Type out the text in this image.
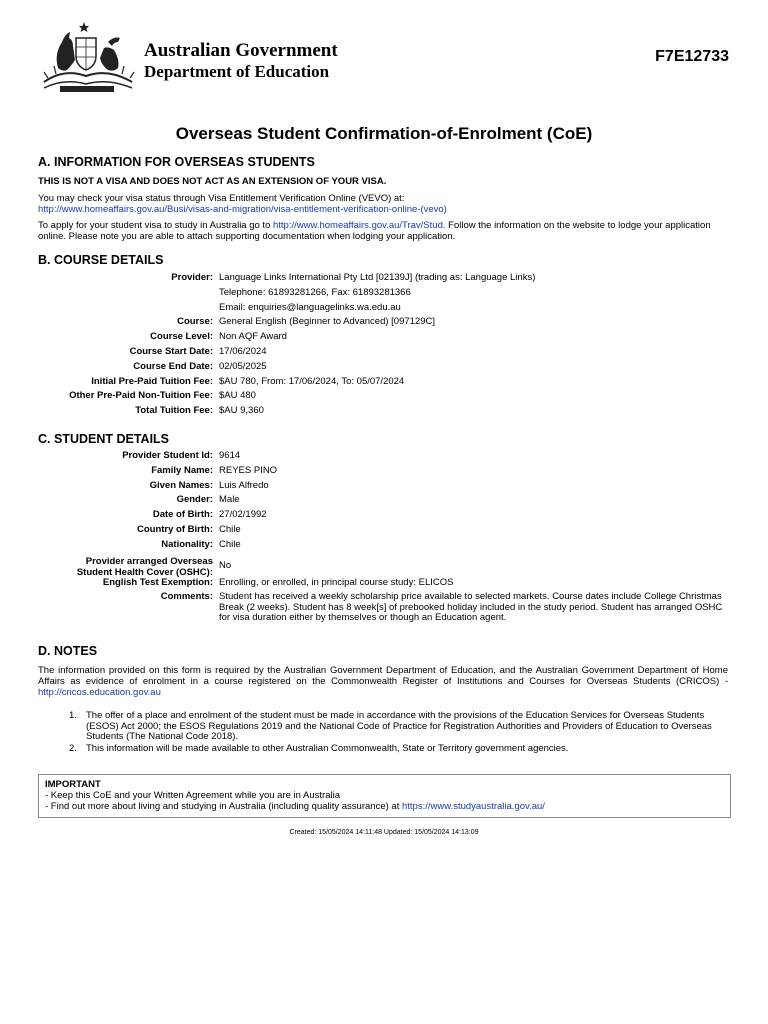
Australian Government
Department of Education
F7E12733
Overseas Student Confirmation-of-Enrolment (CoE)
A. INFORMATION FOR OVERSEAS STUDENTS
THIS IS NOT A VISA AND DOES NOT ACT AS AN EXTENSION OF YOUR VISA.
You may check your visa status through Visa Entitlement Verification Online (VEVO) at:
http://www.homeaffairs.gov.au/Busi/visas-and-migration/visa-entitlement-verification-online-(vevo)
To apply for your student visa to study in Australia go to http://www.homeaffairs.gov.au/Trav/Stud. Follow the information on the website to lodge your application online. Please note you are able to attach supporting documentation when lodging your application.
B. COURSE DETAILS
Provider: Language Links International Pty Ltd [02139J] (trading as: Language Links)
Telephone: 61893281266, Fax: 61893281366
Email: enquiries@languagelinks.wa.edu.au
Course: General English (Beginner to Advanced) [097129C]
Course Level: Non AQF Award
Course Start Date: 17/06/2024
Course End Date: 02/05/2025
Initial Pre-Paid Tuition Fee: $AU 780, From: 17/06/2024, To: 05/07/2024
Other Pre-Paid Non-Tuition Fee: $AU 480
Total Tuition Fee: $AU 9,360
C. STUDENT DETAILS
Provider Student Id: 9614
Family Name: REYES PINO
Given Names: Luis Alfredo
Gender: Male
Date of Birth: 27/02/1992
Country of Birth: Chile
Nationality: Chile
Provider arranged Overseas
Student Health Cover (OSHC):
No
English Test Exemption: Enrolling, or enrolled, in principal course study: ELICOS
Comments: Student has received a weekly scholarship price available to selected markets. Course dates include College Christmas Break (2 weeks). Student has 8 week[s] of prebooked holiday included in the study period. Student has arranged OSHC for visa duration either by themselves or though an Education agent.
D. NOTES
The information provided on this form is required by the Australian Government Department of Education, and the Australian Government Department of Home Affairs as evidence of enrolment in a course registered on the Commonwealth Register of Institutions and Courses for Overseas Students (CRICOS) - http://cricos.education.gov.au
1. The offer of a place and enrolment of the student must be made in accordance with the provisions of the Education Services for Overseas Students (ESOS) Act 2000; the ESOS Regulations 2019 and the National Code of Practice for Registration Authorities and Providers of Education to Overseas Students (The National Code 2018).
2. This information will be made available to other Australian Commonwealth, State or Territory government agencies.
IMPORTANT
- Keep this CoE and your Written Agreement while you are in Australia
- Find out more about living and studying in Australia (including quality assurance) at https://www.studyaustralia.gov.au/
Created: 15/05/2024 14:11:48 Updated: 15/05/2024 14:13:09
